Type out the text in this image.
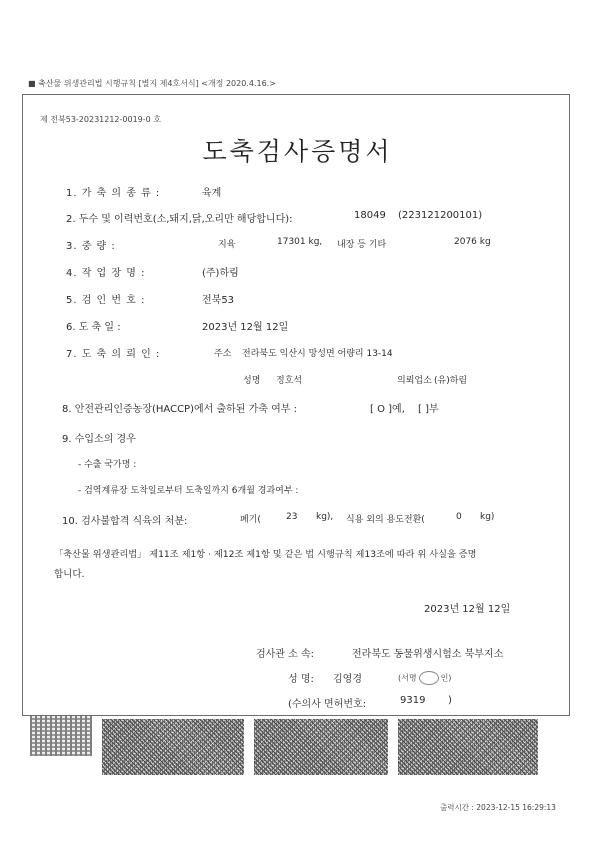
■ 축산물 위생관리법 시행규칙 [별지 제4호서식] <개정 2020.4.16.>
제 전북53-20231212-0019-0 호
도축검사증명서
1. 가 축 의 종 류 :	육계
2. 두수 및 이력번호(소,돼지,닭,오리만 해당합니다):	18049 (223121200101)
3. 중 량 :	지육	17301 kg, 내장 등 기타	2076 kg
4. 작 업 장 명 :	(주)하림
5. 검 인 번 호 :	전북53
6. 도 축 일 :	2023년 12월 12일
7. 도 축 의 뢰 인 :	주소 전라북도 익산시 망성면 어량리 13-14
성명 정호석	의뢰업소 (유)하림
8. 안전관리인증농장(HACCP)에서 출하된 가축 여부 :	[ O ]예, [ ]부
9. 수입소의 경우
- 수출 국가명 :
- 검역계류장 도착일로부터 도축일까지 6개월 경과여부 :
10. 검사불합격 식육의 처분:	폐기(	23 kg), 식용 외의 용도전환(	0 kg)
「축산물 위생관리법」 제11조 제1항 · 제12조 제1항 및 같은 법 시행규칙 제13조에 따라 위 사실을 증명
합니다.
2023년 12월 12일
검사관 소 속:	전라북도 동물위생시험소 북부지소
성 명: 김영경	(서명	인)
(수의사 면허번호:	9319 )
출력시간 : 2023-12-15 16:29:13
